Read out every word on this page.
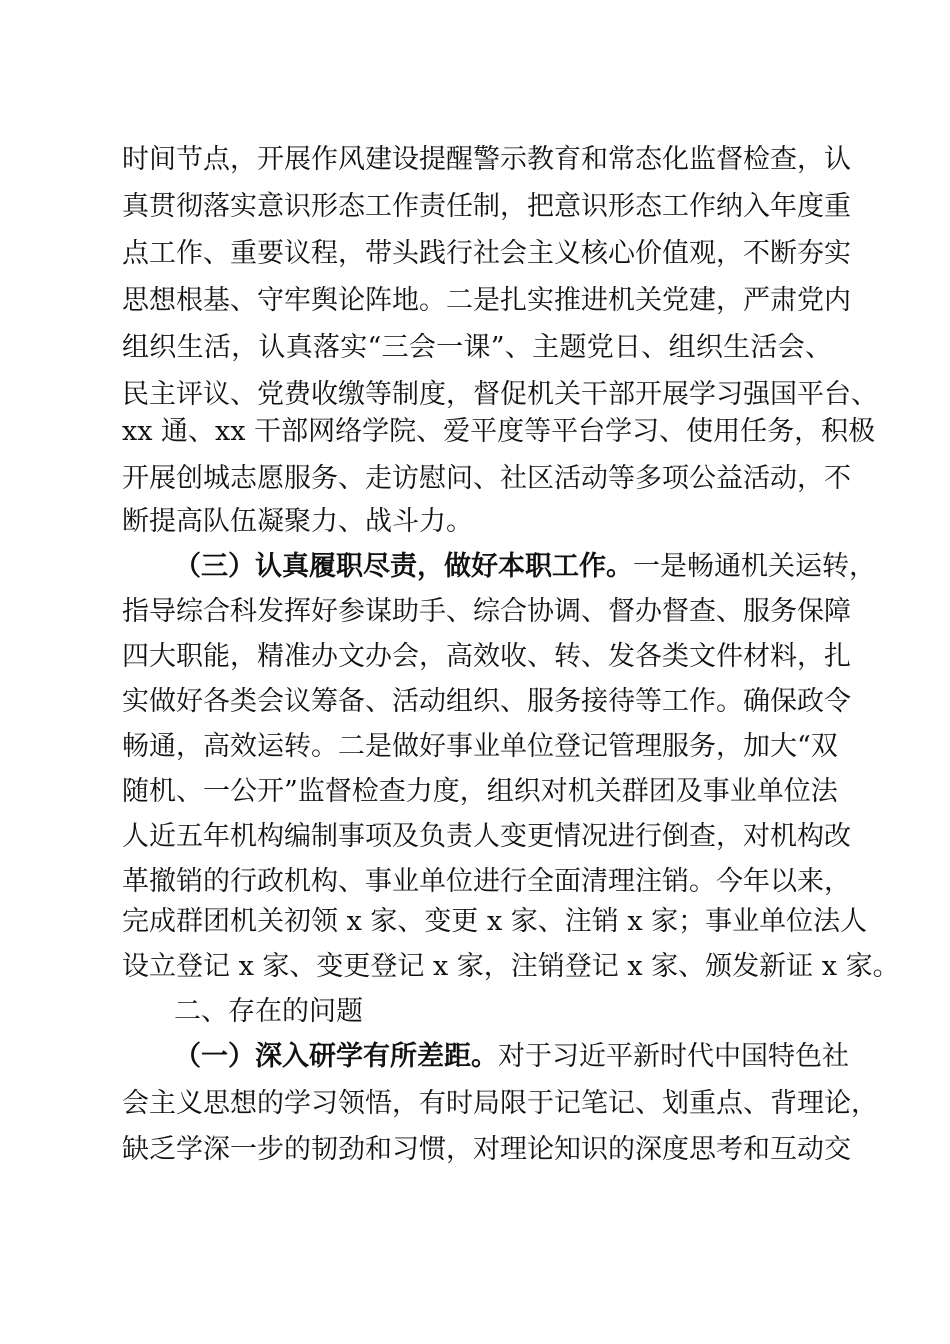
时间节点，开展作风建设提醒警示教育和常态化监督检查，认
真贯彻落实意识形态工作责任制，把意识形态工作纳入年度重
点工作、重要议程，带头践行社会主义核心价值观，不断夯实
思想根基、守牢舆论阵地。二是扎实推进机关党建，严肃党内
组织生活，认真落实“三会一课”、主题党日、组织生活会、
民主评议、党费收缴等制度，督促机关干部开展学习强国平台、
xx 通、xx 干部网络学院、爱平度等平台学习、使用任务，积极
开展创城志愿服务、走访慰问、社区活动等多项公益活动，不
断提高队伍凝聚力、战斗力。
（三）认真履职尽责，做好本职工作。一是畅通机关运转，
指导综合科发挥好参谋助手、综合协调、督办督查、服务保障
四大职能，精准办文办会，高效收、转、发各类文件材料，扎
实做好各类会议筹备、活动组织、服务接待等工作。确保政令
畅通，高效运转。二是做好事业单位登记管理服务，加大“双
随机、一公开”监督检查力度，组织对机关群团及事业单位法
人近五年机构编制事项及负责人变更情况进行倒查，对机构改
革撤销的行政机构、事业单位进行全面清理注销。今年以来，
完成群团机关初领 x 家、变更 x 家、注销 x 家；事业单位法人
设立登记 x 家、变更登记 x 家，注销登记 x 家、颁发新证 x 家。
二、存在的问题
（一）深入研学有所差距。对于习近平新时代中国特色社
会主义思想的学习领悟，有时局限于记笔记、划重点、背理论，
缺乏学深一步的韧劲和习惯，对理论知识的深度思考和互动交
